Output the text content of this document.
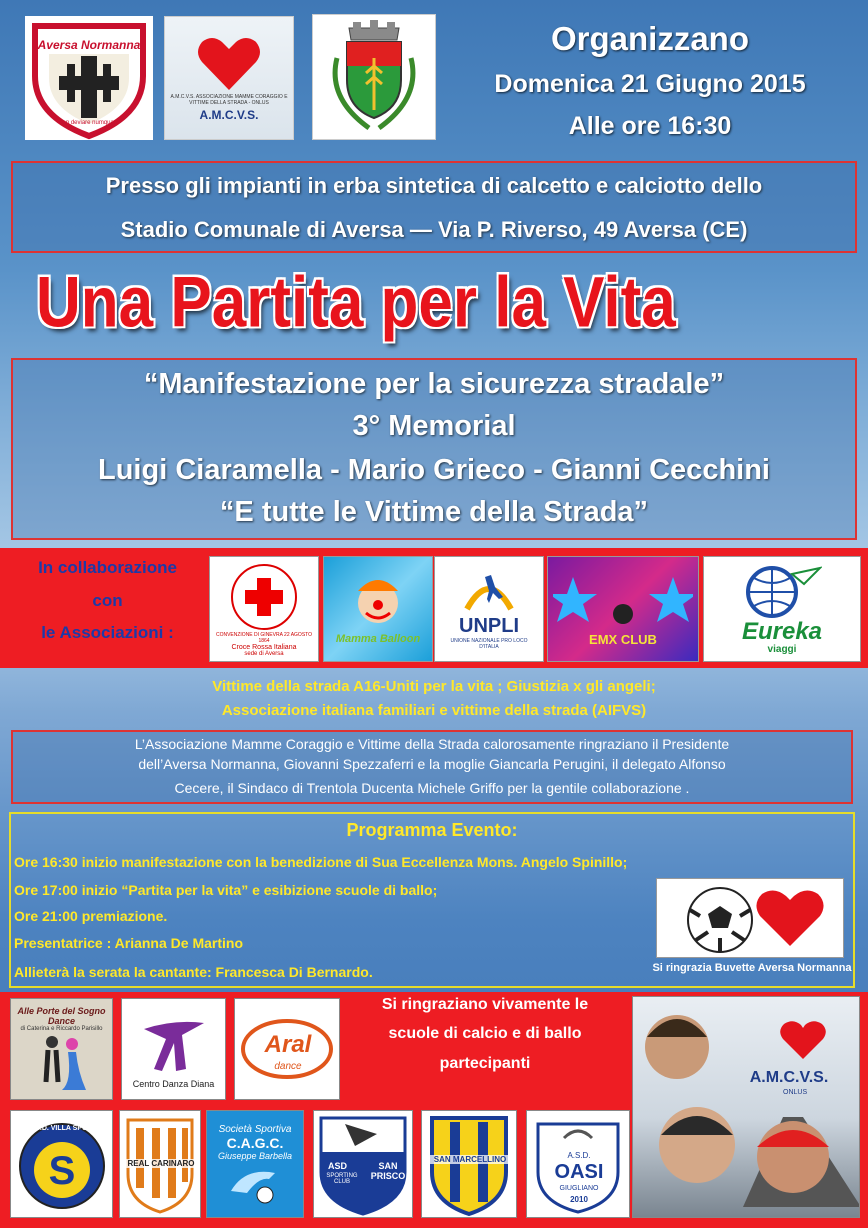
Aversa Normanna
non deviare numquam
A.M.C.V.S. ASSOCIAZIONE MAMME CORAGGIO E VITTIME DELLA STRADA - ONLUS
A.M.C.V.S.
Organizzano
Domenica 21 Giugno 2015
Alle ore 16:30
Presso gli impianti in erba sintetica di calcetto e calciotto dello
Stadio Comunale di Aversa — Via P. Riverso, 49 Aversa (CE)
Una Partita per la Vita
“Manifestazione per la sicurezza stradale”
3° Memorial
Luigi Ciaramella - Mario Grieco - Gianni Cecchini
“E tutte le Vittime della Strada”
In collaborazione
con
le Associazioni :	CONVENZIONE DI GINEVRA 22 AGOSTO 1864
Croce Rossa Italiana
sede di Aversa
Mamma Balloon
UNPLI
UNIONE NAZIONALE PRO LOCO D'ITALIA	EMX CLUB	Eureka
viaggi
Vittime della strada A16-Uniti per la vita ; Giustizia x gli angeli;
Associazione italiana familiari e vittime della strada (AIFVS)
L’Associazione Mamme Coraggio e Vittime della Strada calorosamente ringraziano il Presidente
dell’Aversa Normanna, Giovanni Spezzaferri e la moglie Giancarla Perugini, il delegato Alfonso
Cecere, il Sindaco di Trentola Ducenta Michele Griffo per la gentile collaborazione .
Programma Evento:
Ore 16:30 inizio manifestazione con la benedizione di Sua Eccellenza Mons. Angelo Spinillo;
Ore 17:00 inizio “Partita per la vita” e esibizione scuole di ballo;
Ore 21:00 premiazione.
Presentatrice : Arianna De Martino
Allieterà la serata la cantante: Francesca Di Bernardo.	Si ringrazia Buvette Aversa Normanna
Si ringraziano vivamente le
scuole di calcio e di ballo
partecipanti
Alle Porte del Sogno Dance
di Caterina e Riccardo Parisillo
Centro Danza Diana
Aral
dance
S
A.S.D. VILLA SPORT
REAL CARINARO
Società Sportiva
C.A.G.C.
Giuseppe Barbella
ASD
SPORTING CLUB
SAN PRISCO
SAN MARCELLINO	A.S.D.
OASI
GIUGLIANO
2010
A.M.C.V.S.
ONLUS
